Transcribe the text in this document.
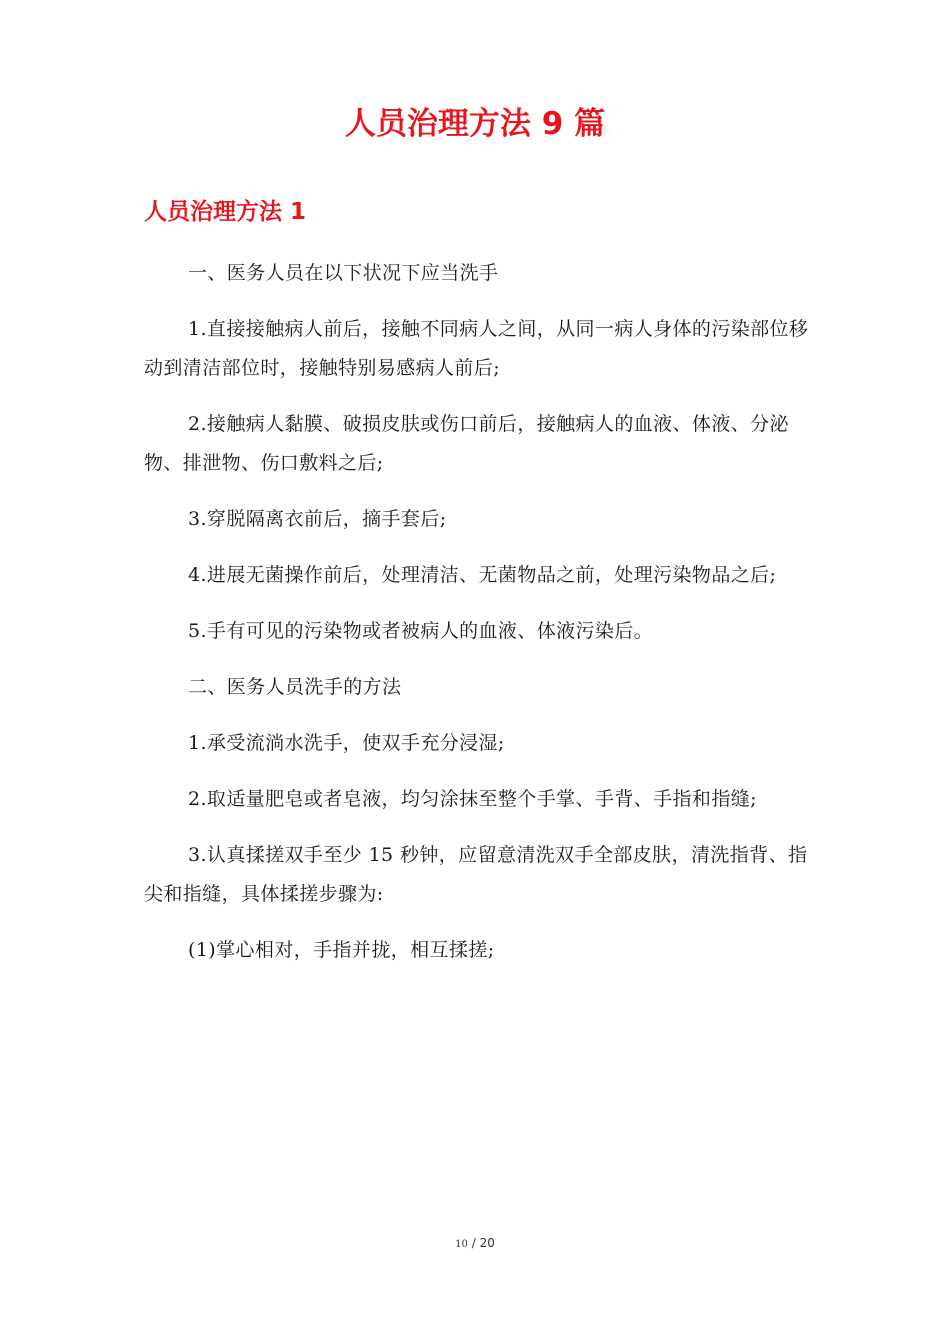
人员治理方法 9 篇
人员治理方法 1

一、医务人员在以下状况下应当洗手

1.直接接触病人前后，接触不同病人之间，从同一病人身体的污染部位移动到清洁部位时，接触特别易感病人前后;

2.接触病人黏膜、破损皮肤或伤口前后，接触病人的血液、体液、分泌物、排泄物、伤口敷料之后;

3.穿脱隔离衣前后，摘手套后;

4.进展无菌操作前后，处理清洁、无菌物品之前，处理污染物品之后;

5.手有可见的污染物或者被病人的血液、体液污染后。

二、医务人员洗手的方法

1.承受流淌水洗手，使双手充分浸湿;

2.取适量肥皂或者皂液，均匀涂抹至整个手掌、手背、手指和指缝;

3.认真揉搓双手至少 15 秒钟，应留意清洗双手全部皮肤，清洗指背、指尖和指缝，具体揉搓步骤为:

(1)掌心相对，手指并拢，相互揉搓;

10 / 20
